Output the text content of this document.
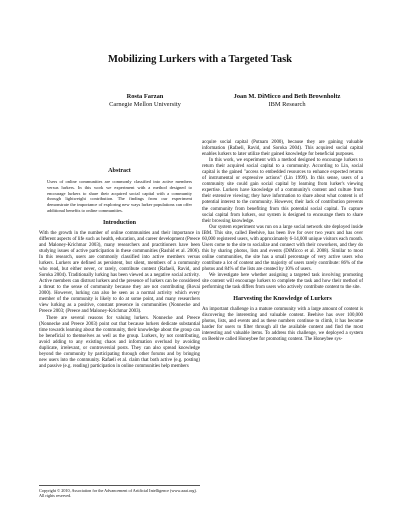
Mobilizing Lurkers with a Targeted Task
Rosta Farzan
Carnegie Mellon University
Joan M. DiMicco and Beth Brownholtz
IBM Research
Abstract
Users of online communities are commonly classified into active members versus lurkers. In this work we experiment with a method designed to encourage lurkers to share their acquired social capital with a community through lightweight contribution. The findings from our experiment demonstrate the importance of exploring new ways lurker populations can offer additional benefits to online communities.
Introduction

With the growth in the number of online communities and their importance in different aspects of life such as health, education, and career development (Preece and Maloney-Krichmar 2003), many researchers and practitioners have been studying issues of active participation in these communities (Rashid et al. 2006). In this research, users are commonly classified into active members versus lurkers. Lurkers are defined as persistent, but silent, members of a community who read, but either never, or rarely, contribute content (Rafaeli, Ravid, and Soroka 2004). Traditionally lurking has been viewed as a negative social activity. Active members can distrust lurkers and the presence of lurkers can be considered a threat to the sense of community because they are not contributing (Rovai 2000). However, lurking can also be seen as a normal activity which every member of the community is likely to do at some point, and many researchers view lurking as a positive, constant presence in communities (Nonnecke and Preece 2003; (Preece and Maloney-Krichmar 2003).

There are several reasons for valuing lurkers. Nonnecke and Preece (Nonnecke and Preece 2003) point out that because lurkers dedicate substantial time towards learning about the community, their knowledge about the group can be beneficial to themselves as well as the group. Lurkers, by not contributing, avoid adding to any existing chaos and information overload by avoiding duplicate, irrelevant, or controversial posts. They can also spread knowledge beyond the community by participating through other forums and by bringing new users into the community. Rafaeli et al. claim that both active (e.g. posting) and passive (e.g. reading) participation in online communities help members

acquire social capital (Putnam 2000), because they are gaining valuable information (Rafaeli, Ravid, and Soroka 2004). This acquired social capital enables lurkers to later utilize their gained knowledge for beneficial purposes.

In this work, we experiment with a method designed to encourage lurkers to return their acquired social capital to a community. According to Lin, social capital is the gained "access to embedded resources to enhance expected returns of instrumental or expressive actions" (Lin 1999). In this sense, users of a community site could gain social capital by learning from lurker's viewing expertise. Lurkers have knowledge of a community's content and culture from their extensive viewing; they have information to share about what content is of potential interest to the community. However, their lack of contribution prevents the community from benefiting from this potential social capital. To capture social capital from lurkers, our system is designed to encourage them to share their browsing knowledge.

Our system experiment was run on a large social network site deployed inside IBM. This site, called Beehive, has been live for over two years and has over 60,000 registered users, with approximately 6-14,000 unique visitors each month. Users come to the site to socialize and connect with their coworkers, and they do this by sharing photos, lists and events (DiMicco et al. 2008). Similar to most online communities, the site has a small percentage of very active users who contribute a lot of content and the majority of users rarely contribute: 86% of the photos and 84% of the lists are created by 10% of users.

We investigate here whether assigning a targeted task involving promoting site content will encourage lurkers to complete the task and how their method of performing the task differs from users who actively contribute content to the site.

Harvesting the Knowledge of Lurkers

An important challenge in a mature community with a large amount of content is discovering the interesting and valuable content. Beehive has over 100,000 photos, lists, and events and as these numbers continue to climb, it has become harder for users to filter through all the available content and find the most interesting and valuable items. To address this challenge, we deployed a system on Beehive called Honeybee for promoting content. The Honeybee sys-

Copyright © 2010, Association for the Advancement of Artificial Intelligence (www.aaai.org). All rights reserved.
